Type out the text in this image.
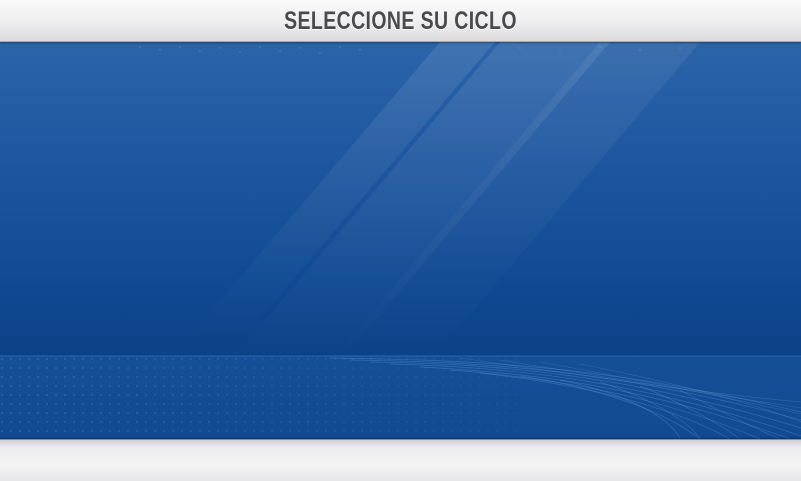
SELECCIONE SU CICLO
